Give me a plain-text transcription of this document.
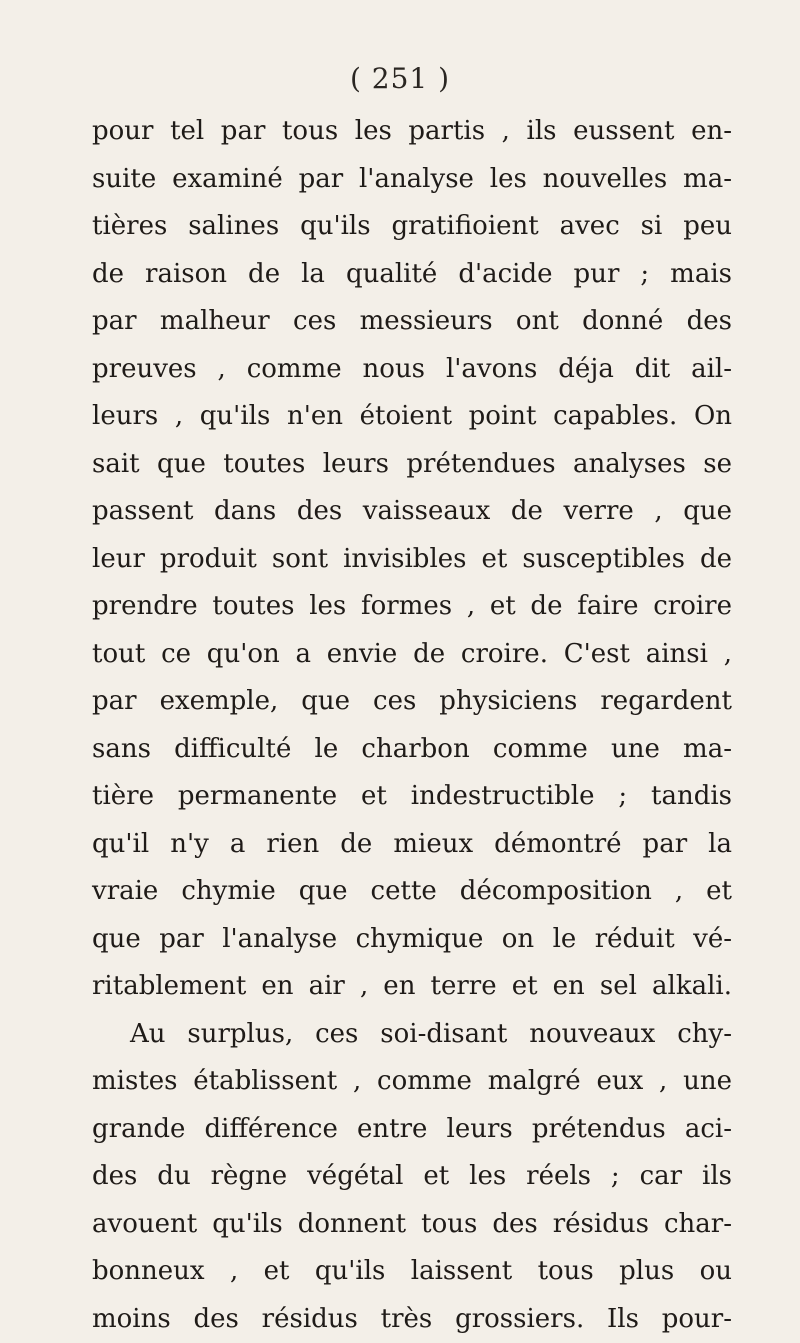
( 251 )
pour tel par tous les partis , ils eussent en-
suite examiné par l'analyse les nouvelles ma-
tières salines qu'ils gratifioient avec si peu
de raison de la qualité d'acide pur ; mais
par malheur ces messieurs ont donné des
preuves , comme nous l'avons déja dit ail-
leurs , qu'ils n'en étoient point capables. On
sait que toutes leurs prétendues analyses se
passent dans des vaisseaux de verre , que
leur produit sont invisibles et susceptibles de
prendre toutes les formes , et de faire croire
tout ce qu'on a envie de croire. C'est ainsi ,
par exemple, que ces physiciens regardent
sans difficulté le charbon comme une ma-
tière permanente et indestructible ; tandis
qu'il n'y a rien de mieux démontré par la
vraie chymie que cette décomposition , et
que par l'analyse chymique on le réduit vé-
ritablement en air , en terre et en sel alkali.
Au surplus, ces soi-disant nouveaux chy-
mistes établissent , comme malgré eux , une
grande différence entre leurs prétendus aci-
des du règne végétal et les réels ; car ils
avouent qu'ils donnent tous des résidus char-
bonneux , et qu'ils laissent tous plus ou
moins des résidus très grossiers. Ils pour-
